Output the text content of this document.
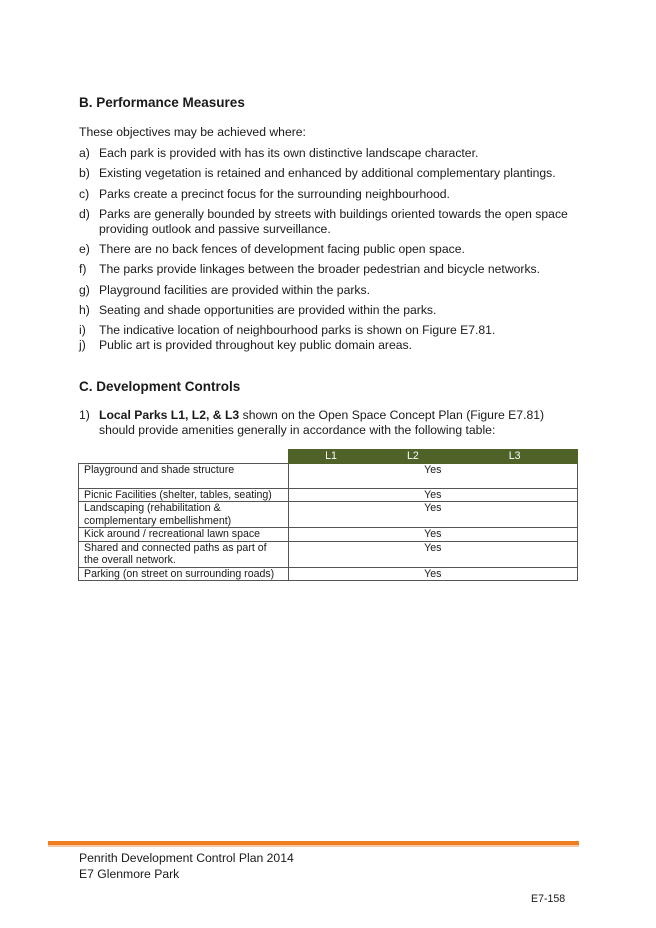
B. Performance Measures
These objectives may be achieved where:
a) Each park is provided with has its own distinctive landscape character.
b) Existing vegetation is retained and enhanced by additional complementary plantings.
c) Parks create a precinct focus for the surrounding neighbourhood.
d) Parks are generally bounded by streets with buildings oriented towards the open space providing outlook and passive surveillance.
e) There are no back fences of development facing public open space.
f) The parks provide linkages between the broader pedestrian and bicycle networks.
g) Playground facilities are provided within the parks.
h) Seating and shade opportunities are provided within the parks.
i) The indicative location of neighbourhood parks is shown on Figure E7.81.
j) Public art is provided throughout key public domain areas.
C. Development Controls
1) Local Parks L1, L2, & L3 shown on the Open Space Concept Plan (Figure E7.81) should provide amenities generally in accordance with the following table:
	L1	L2	L3
Playground and shade structure	Yes		
Picnic Facilities (shelter, tables, seating)	Yes		
Landscaping (rehabilitation & complementary embellishment)	Yes		
Kick around / recreational lawn space	Yes		
Shared and connected paths as part of the overall network.	Yes		
Parking (on street on surrounding roads)	Yes		
Penrith Development Control Plan 2014
E7 Glenmore Park
E7-158
